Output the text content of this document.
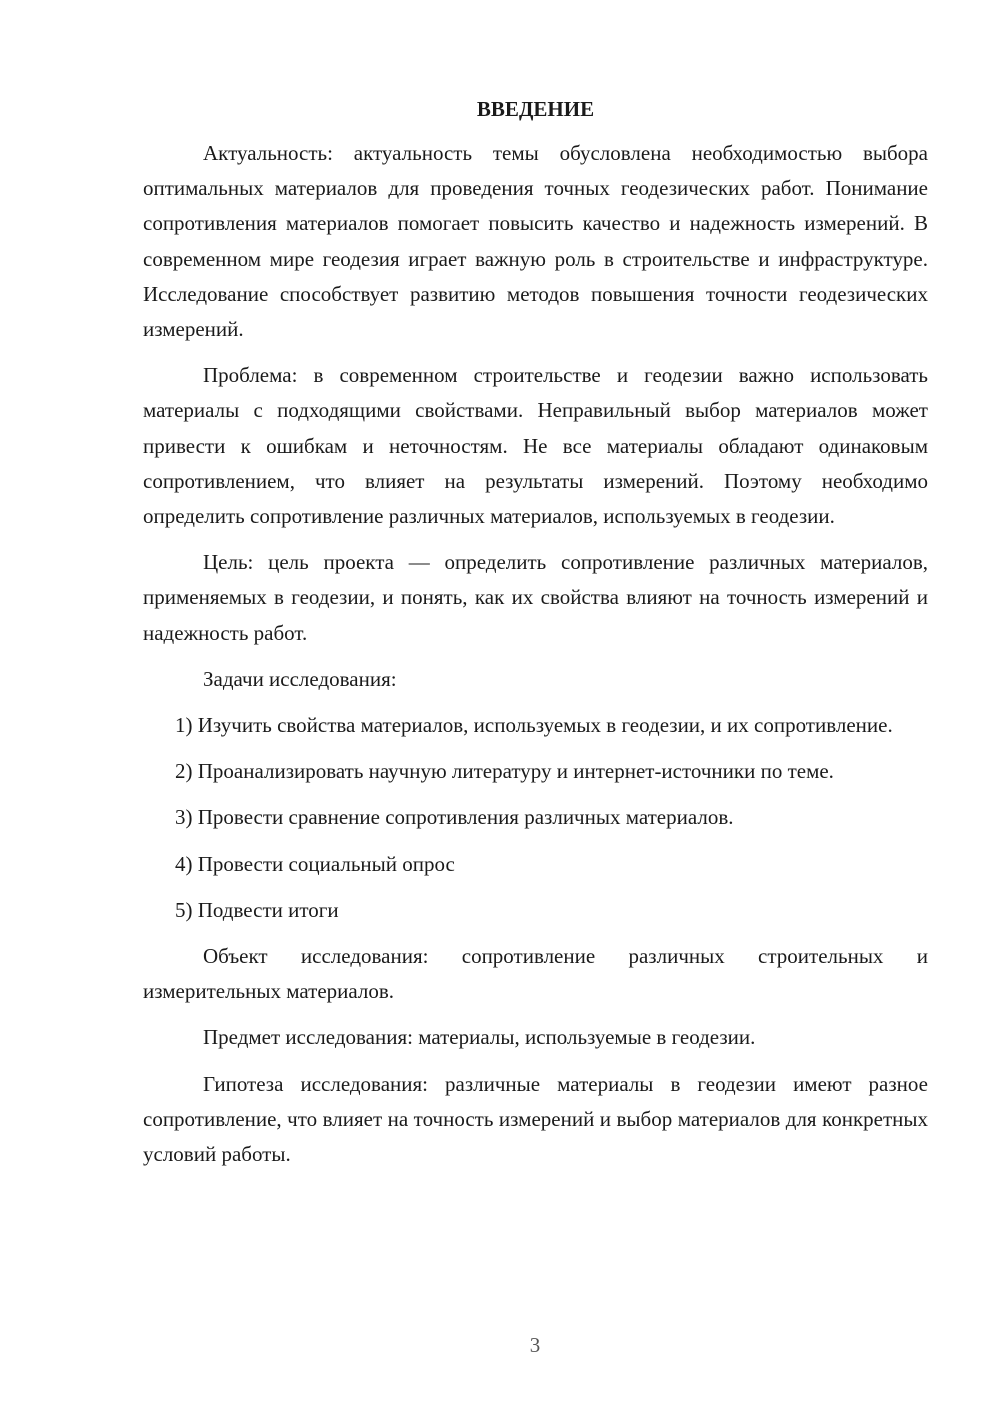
ВВЕДЕНИЕ

Актуальность: актуальность темы обусловлена необходимостью выбора оптимальных материалов для проведения точных геодезических работ. Понимание сопротивления материалов помогает повысить качество и надежность измерений. В современном мире геодезия играет важную роль в строительстве и инфраструктуре. Исследование способствует развитию методов повышения точности геодезических измерений.

Проблема: в современном строительстве и геодезии важно использовать материалы с подходящими свойствами. Неправильный выбор материалов может привести к ошибкам и неточностям. Не все материалы обладают одинаковым сопротивлением, что влияет на результаты измерений. Поэтому необходимо определить сопротивление различных материалов, используемых в геодезии.

Цель: цель проекта — определить сопротивление различных материалов, применяемых в геодезии, и понять, как их свойства влияют на точность измерений и надежность работ.

Задачи исследования:

1) Изучить свойства материалов, используемых в геодезии, и их сопротивление.

2) Проанализировать научную литературу и интернет-источники по теме.

3) Провести сравнение сопротивления различных материалов.

4) Провести социальный опрос

5) Подвести итоги

Объект исследования: сопротивление различных строительных и измерительных материалов.

Предмет исследования: материалы, используемые в геодезии.

Гипотеза исследования: различные материалы в геодезии имеют разное сопротивление, что влияет на точность измерений и выбор материалов для конкретных условий работы.

3
